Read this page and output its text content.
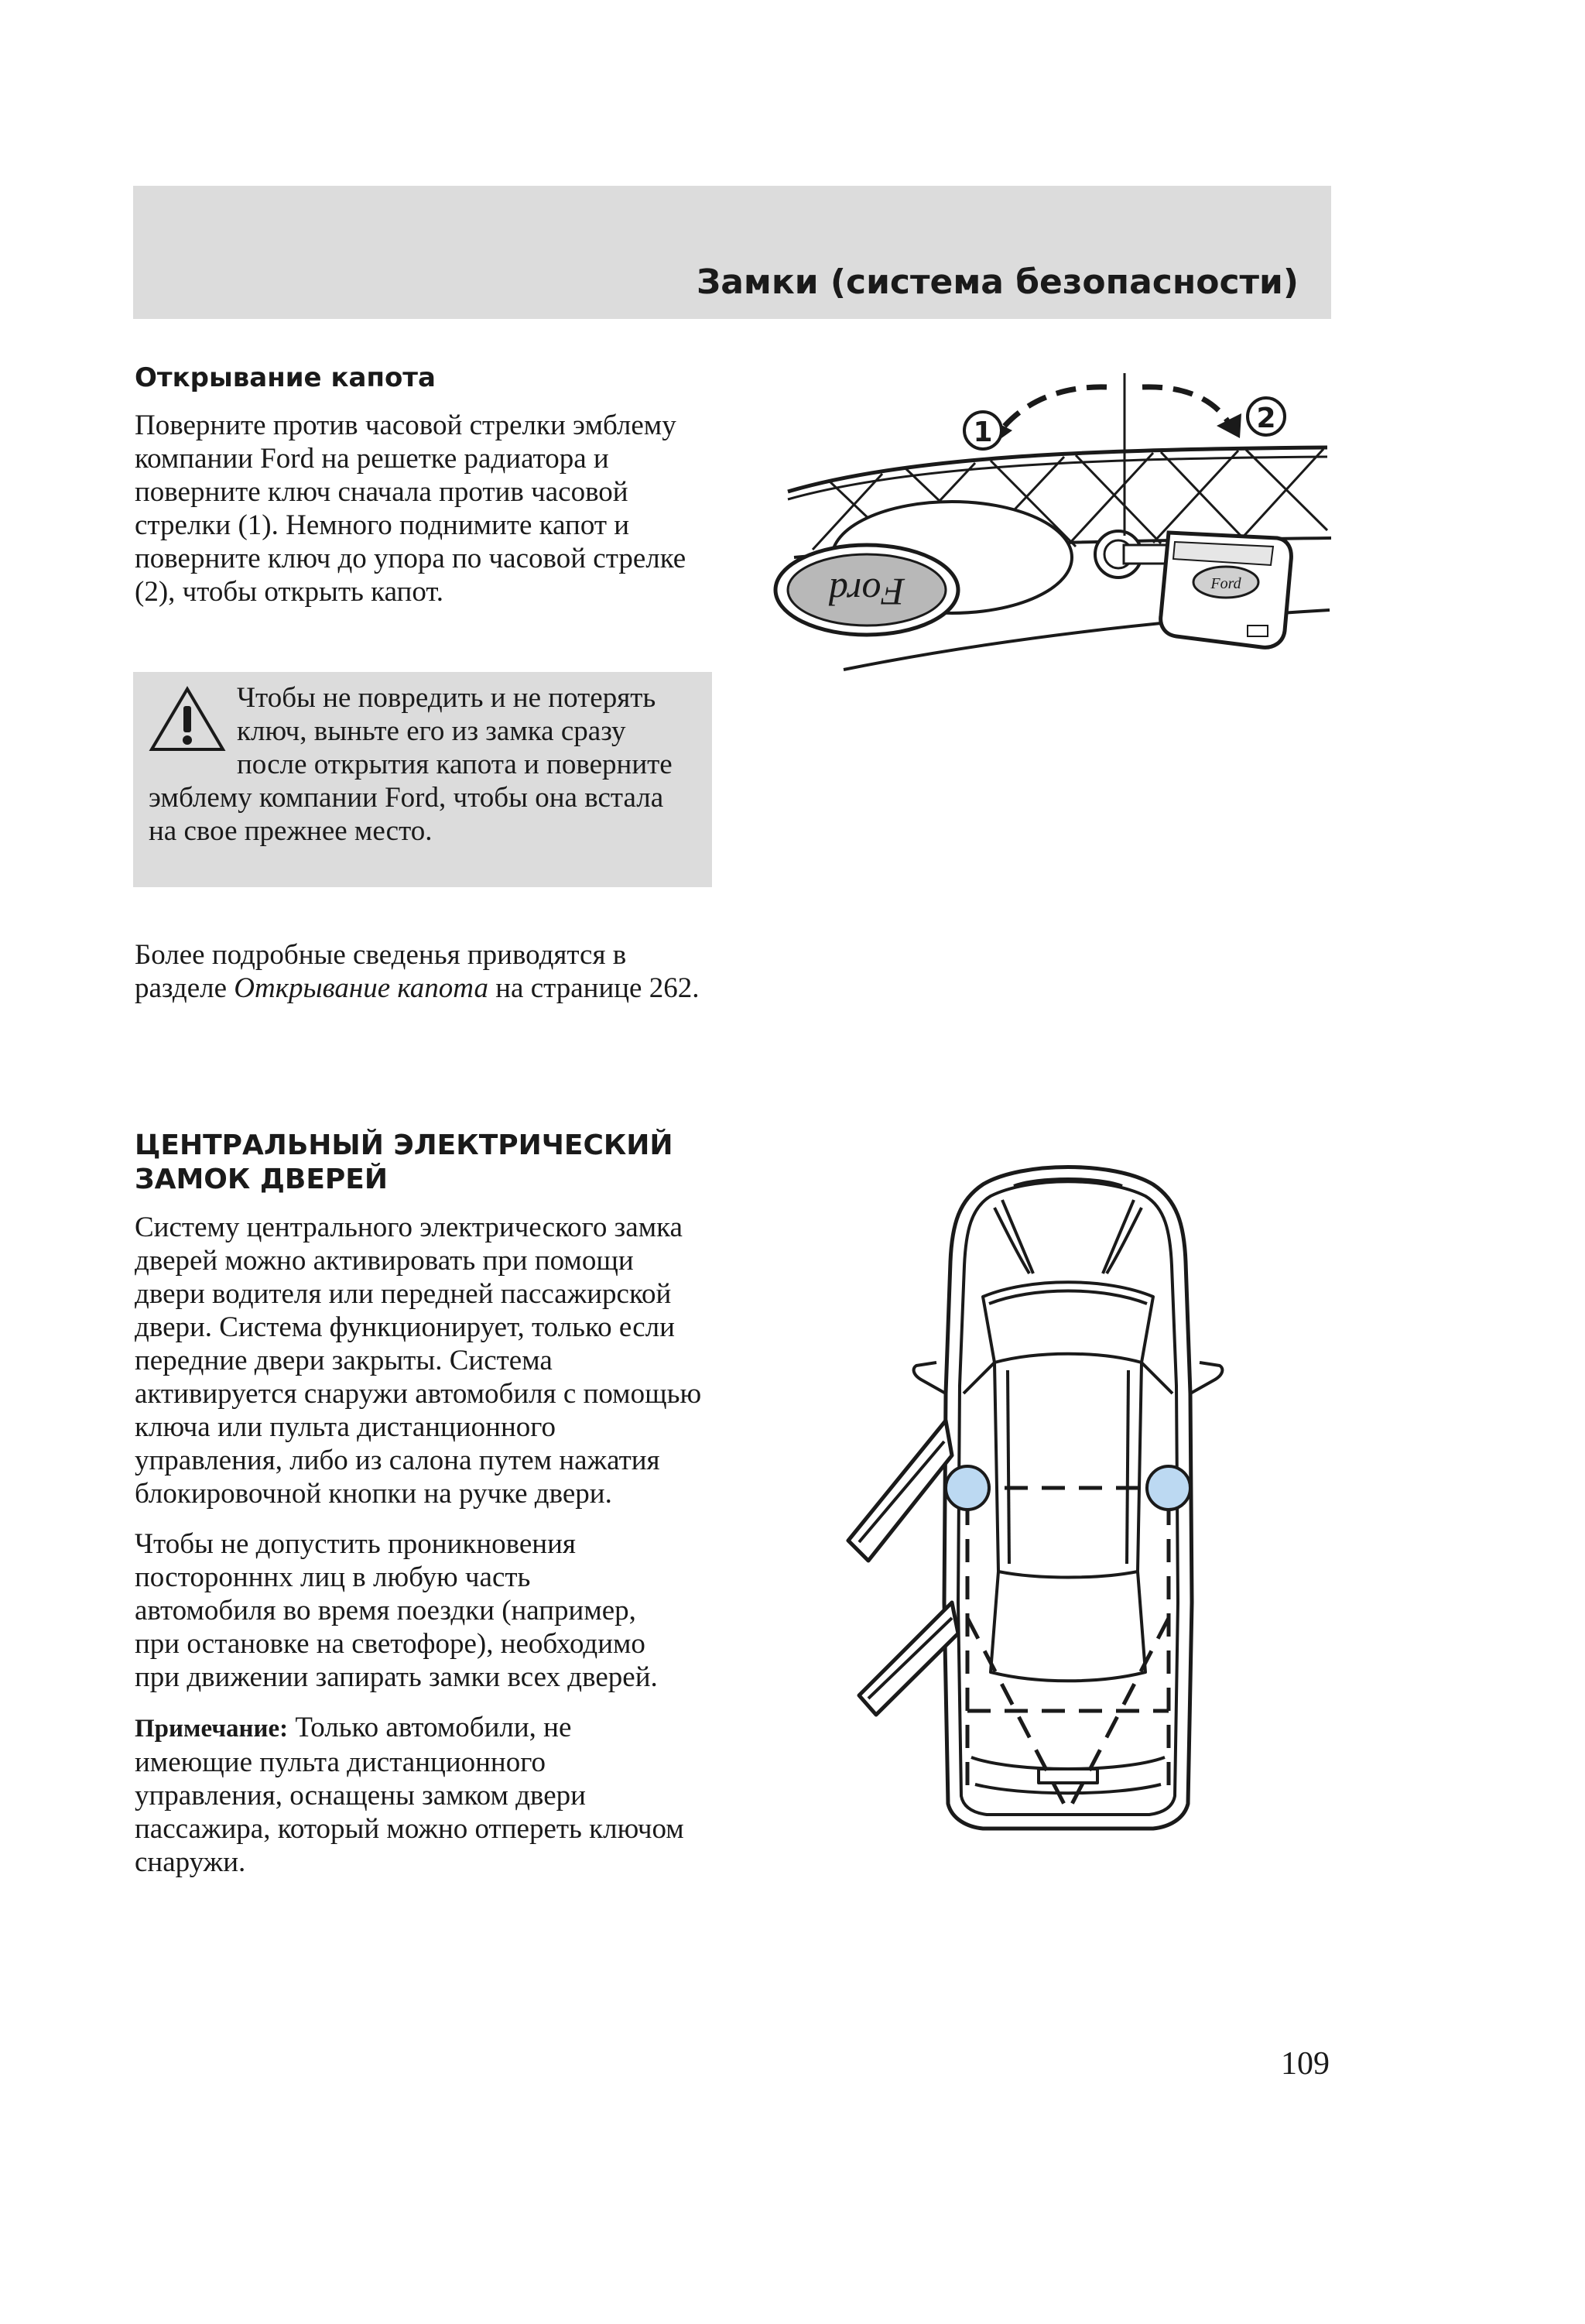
Замки (система безопасности)
Открывание капота

Поверните против часовой стрелки эмблему компании Ford на решетке радиатора и поверните ключ сначала против часовой стрелки (1). Немного поднимите капот и поверните ключ до упора по часовой стрелке (2), чтобы открыть капот.

Чтобы не повредить и не потерять ключ, выньте его из замка сразу после открытия капота и поверните эмблему компании Ford, чтобы она встала на свое прежнее место.

Более подробные сведенья приводятся в разделе Открывание капота на странице 262.

Ford	Ford
1	2
ЦЕНТРАЛЬНЫЙ ЭЛЕКТРИЧЕСКИЙ
ЗАМОК ДВЕРЕЙ

Систему центрального электрического замка дверей можно активировать при помощи двери водителя или передней пассажирской двери. Система функционирует, только если передние двери закрыты. Система активируется снаружи автомобиля с помощью ключа или пульта дистанционного управления, либо из салона путем нажатия блокировочной кнопки на ручке двери.

Чтобы не допустить проникновения посторонннх лиц в любую часть автомобиля во время поездки (например, при остановке на светофоре), необходимо при движении запирать замки всех дверей.

Примечание: Только автомобили, не имеющие пульта дистанционного управления, оснащены замком двери пассажира, который можно отпереть ключом снаружи.

109
